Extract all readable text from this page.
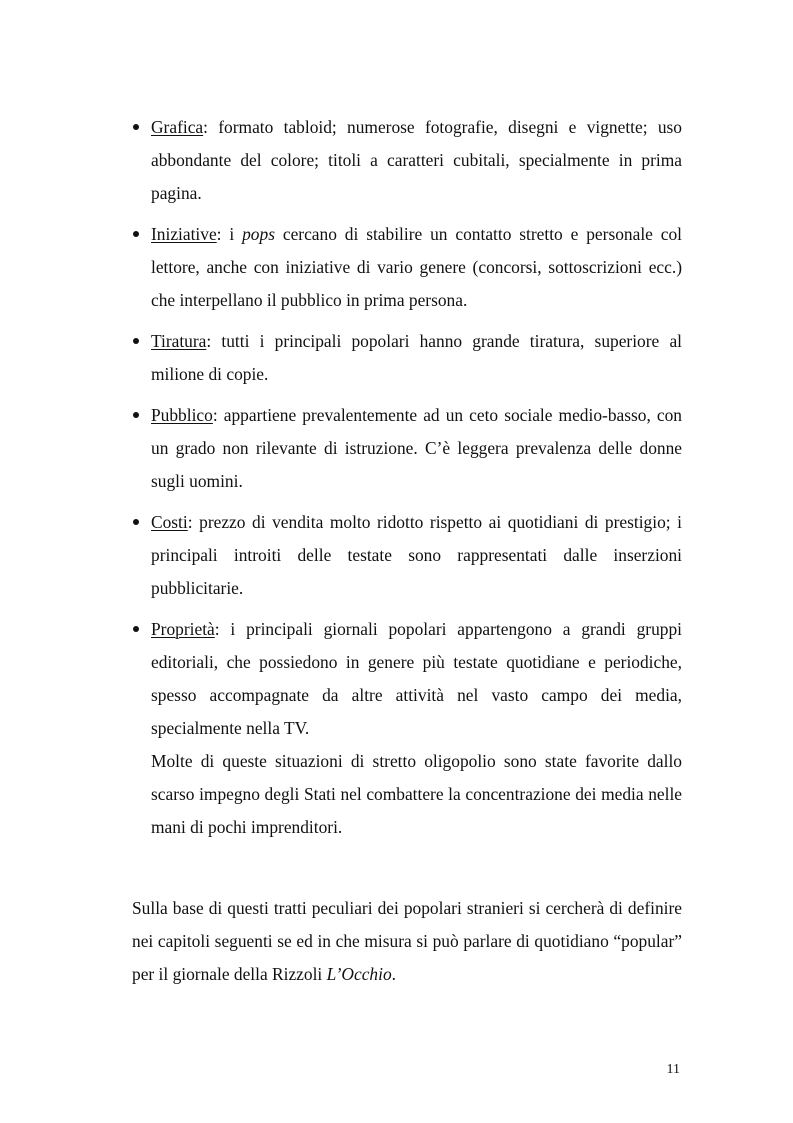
Grafica: formato tabloid; numerose fotografie, disegni e vignette; uso abbondante del colore; titoli a caratteri cubitali, specialmente in prima pagina.
Iniziative: i pops cercano di stabilire un contatto stretto e personale col lettore, anche con iniziative di vario genere (concorsi, sottoscrizioni ecc.) che interpellano il pubblico in prima persona.
Tiratura: tutti i principali popolari hanno grande tiratura, superiore al milione di copie.
Pubblico: appartiene prevalentemente ad un ceto sociale medio-basso, con un grado non rilevante di istruzione. C’è leggera prevalenza delle donne sugli uomini.
Costi: prezzo di vendita molto ridotto rispetto ai quotidiani di prestigio; i principali introiti delle testate sono rappresentati dalle inserzioni pubblicitarie.
Proprietà: i principali giornali popolari appartengono a grandi gruppi editoriali, che possiedono in genere più testate quotidiane e periodiche, spesso accompagnate da altre attività nel vasto campo dei media, specialmente nella TV.
Molte di queste situazioni di stretto oligopolio sono state favorite dallo scarso impegno degli Stati nel combattere la concentrazione dei media nelle mani di pochi imprenditori.

Sulla base di questi tratti peculiari dei popolari stranieri si cercherà di definire nei capitoli seguenti se ed in che misura si può parlare di quotidiano “popular” per il giornale della Rizzoli L’Occhio.

11
